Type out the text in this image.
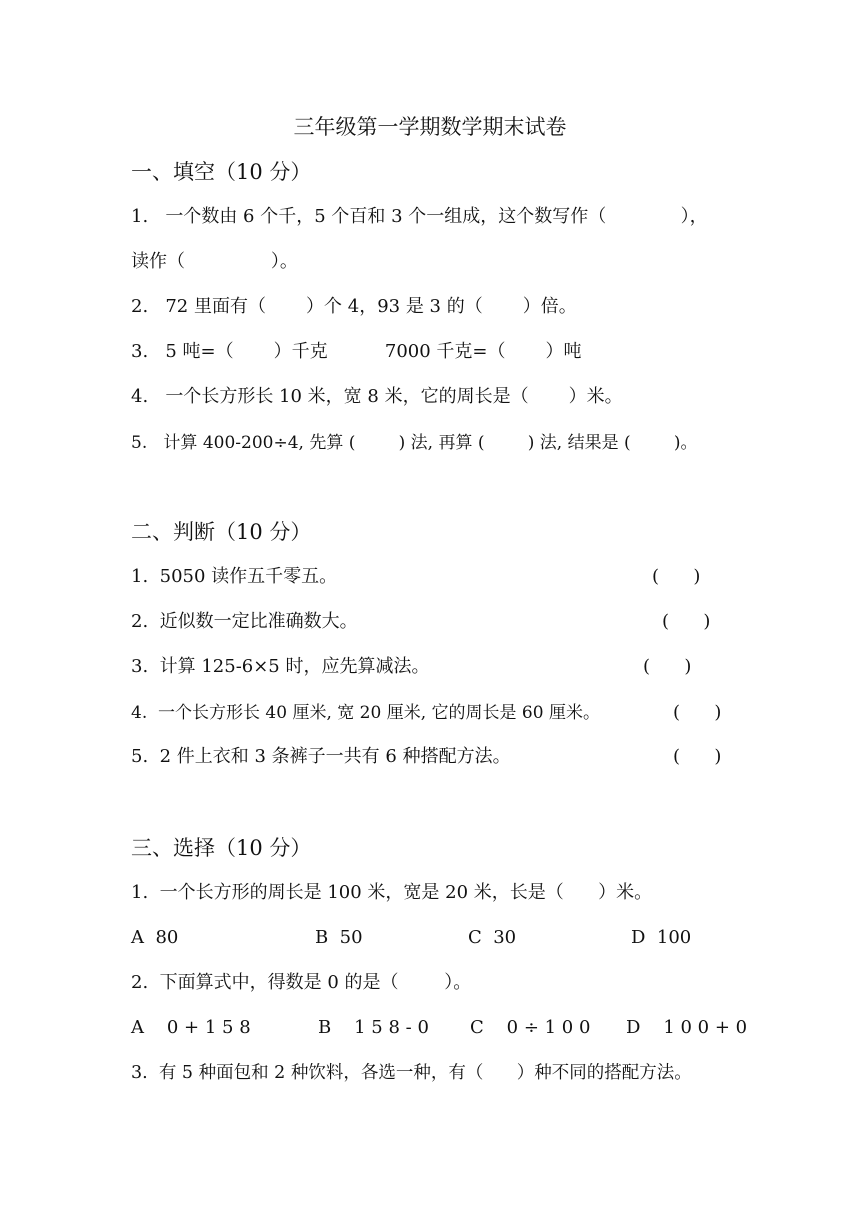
三年级第一学期数学期末试卷
一、填空（10 分）
1.   一个数由 6 个千，5 个百和 3 个一组成，这个数写作（             ），
读作（               ）。
2.   72 里面有（       ）个 4，93 是 3 的（       ）倍。
3.   5 吨=（       ）千克          7000 千克=（       ）吨
4.   一个长方形长 10 米，宽 8 米，它的周长是（       ）米。
5.   计算 400-200÷4, 先算 (        ) 法, 再算 (        ) 法, 结果是 (        )。
二、判断（10 分）
1.  5050 读作五千零五。	(      )
2.  近似数一定比准确数大。	(      )
3.  计算 125-6×5 时，应先算减法。	(      )
4.  一个长方形长 40 厘米, 宽 20 厘米, 它的周长是 60 厘米。	(      )
5.  2 件上衣和 3 条裤子一共有 6 种搭配方法。	(      )
三、选择（10 分）
1.  一个长方形的周长是 100 米，宽是 20 米，长是（      ）米。
A  80	B  50	C  30	D  100
2.  下面算式中，得数是 0 的是（        ）。
A    0 + 1 5 8	B    1 5 8 - 0 C    0 ÷ 1 0 0 D    1 0 0 + 0
3.  有 5 种面包和 2 种饮料，各选一种，有（      ）种不同的搭配方法。
